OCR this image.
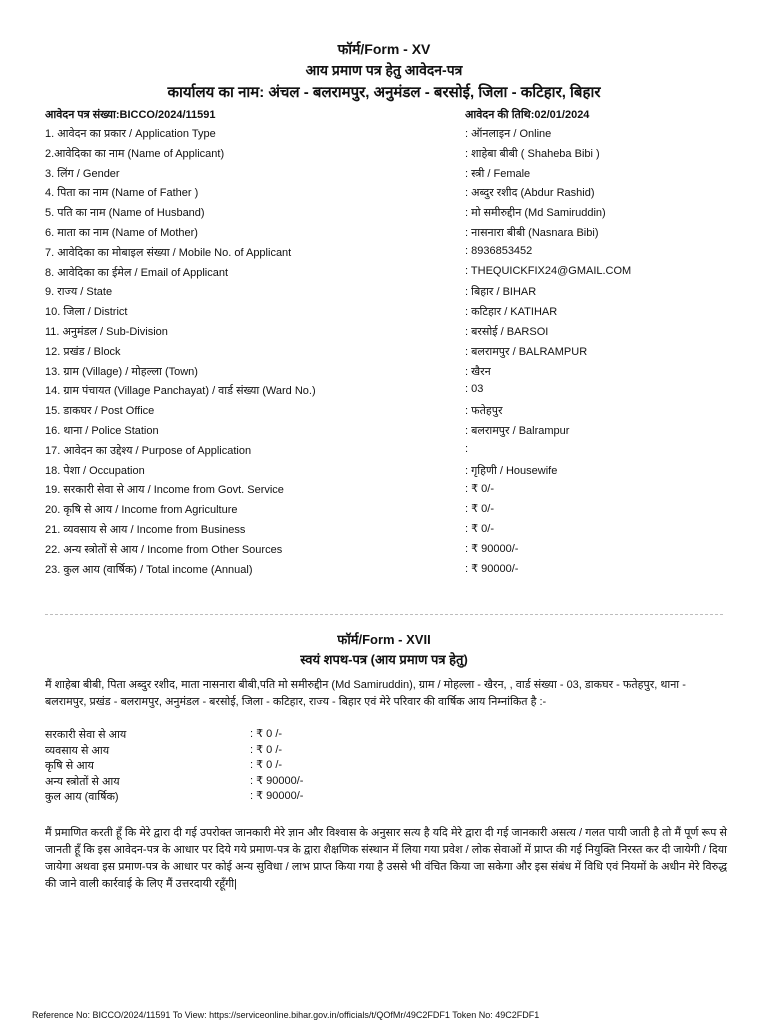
फॉर्म/Form - XV
आय प्रमाण पत्र हेतु आवेदन-पत्र
कार्यालय का नाम: अंचल - बलरामपुर, अनुमंडल - बरसोई, जिला - कटिहार, बिहार
आवेदन पत्र संख्या:BICCO/2024/11591	आवेदन की तिथि:02/01/2024
1. आवेदन का प्रकार / Application Type	: ऑनलाइन / Online
2.आवेदिका का नाम (Name of Applicant)	: शाहेबा बीबी ( Shaheba Bibi )
3. लिंग / Gender	: स्त्री / Female
4. पिता का नाम (Name of Father )	: अब्दुर रशीद (Abdur Rashid)
5. पति का नाम (Name of Husband)	: मो समीरुद्दीन (Md Samiruddin)
6. माता का नाम (Name of Mother)	: नासनारा बीबी (Nasnara Bibi)
7. आवेदिका का मोबाइल संख्या / Mobile No. of Applicant	: 8936853452
8. आवेदिका का ईमेल / Email of Applicant	: THEQUICKFIX24@GMAIL.COM
9. राज्य / State	: बिहार / BIHAR
10. जिला / District	: कटिहार / KATIHAR
11. अनुमंडल / Sub-Division	: बरसोई / BARSOI
12. प्रखंड / Block	: बलरामपुर / BALRAMPUR
13. ग्राम (Village) / मोहल्ला (Town)	: खैरन
14. ग्राम पंचायत (Village Panchayat) / वार्ड संख्या (Ward No.)	: 03
15. डाकघर / Post Office	: फतेहपुर
16. थाना / Police Station	: बलरामपुर / Balrampur
17. आवेदन का उद्देश्य / Purpose of Application	:
18. पेशा / Occupation	: गृहिणी / Housewife
19. सरकारी सेवा से आय / Income from Govt. Service	: ₹ 0/-
20. कृषि से आय / Income from Agriculture	: ₹ 0/-
21. व्यवसाय से आय / Income from Business	: ₹ 0/-
22. अन्य स्त्रोतों से आय / Income from Other Sources	: ₹ 90000/-
23. कुल आय (वार्षिक) / Total income (Annual)	: ₹ 90000/-
फॉर्म/Form - XVII
स्वयं शपथ-पत्र (आय प्रमाण पत्र हेतु)
मैं शाहेबा बीबी, पिता अब्दुर रशीद, माता नासनारा बीबी,पति मो समीरुद्दीन (Md Samiruddin), ग्राम / मोहल्ला - खैरन, , वार्ड संख्या - 03, डाकघर - फतेहपुर, थाना - बलरामपुर, प्रखंड - बलरामपुर, अनुमंडल - बरसोई, जिला - कटिहार, राज्य - बिहार एवं मेरे परिवार की वार्षिक आय निम्नांकित है :-
सरकारी सेवा से आय	: ₹ 0 /-
व्यवसाय से आय	: ₹ 0 /-
कृषि से आय	: ₹ 0 /-
अन्य स्त्रोतों से आय	: ₹ 90000/-
कुल आय (वार्षिक)	: ₹ 90000/-
मैं प्रमाणित करती हूँ कि मेरे द्वारा दी गई उपरोक्त जानकारी मेरे ज्ञान और विश्वास के अनुसार सत्य है यदि मेरे द्वारा दी गई जानकारी असत्य / गलत पायी जाती है तो मैं पूर्ण रूप से जानती हूँ कि इस आवेदन-पत्र के आधार पर दिये गये प्रमाण-पत्र के द्वारा शैक्षणिक संस्थान में लिया गया प्रवेश / लोक सेवाओं में प्राप्त की गई नियुक्ति निरस्त कर दी जायेगी / दिया जायेगा अथवा इस प्रमाण-पत्र के आधार पर कोई अन्य सुविधा / लाभ प्राप्त किया गया है उससे भी वंचित किया जा सकेगा और इस संबंध में विधि एवं नियमों के अधीन मेरे विरुद्ध की जाने वाली कार्रवाई के लिए मैं उत्तरदायी रहूँगी|
Reference No: BICCO/2024/11591 To View: https://serviceonline.bihar.gov.in/officials/t/QOfMr/49C2FDF1 Token No: 49C2FDF1
